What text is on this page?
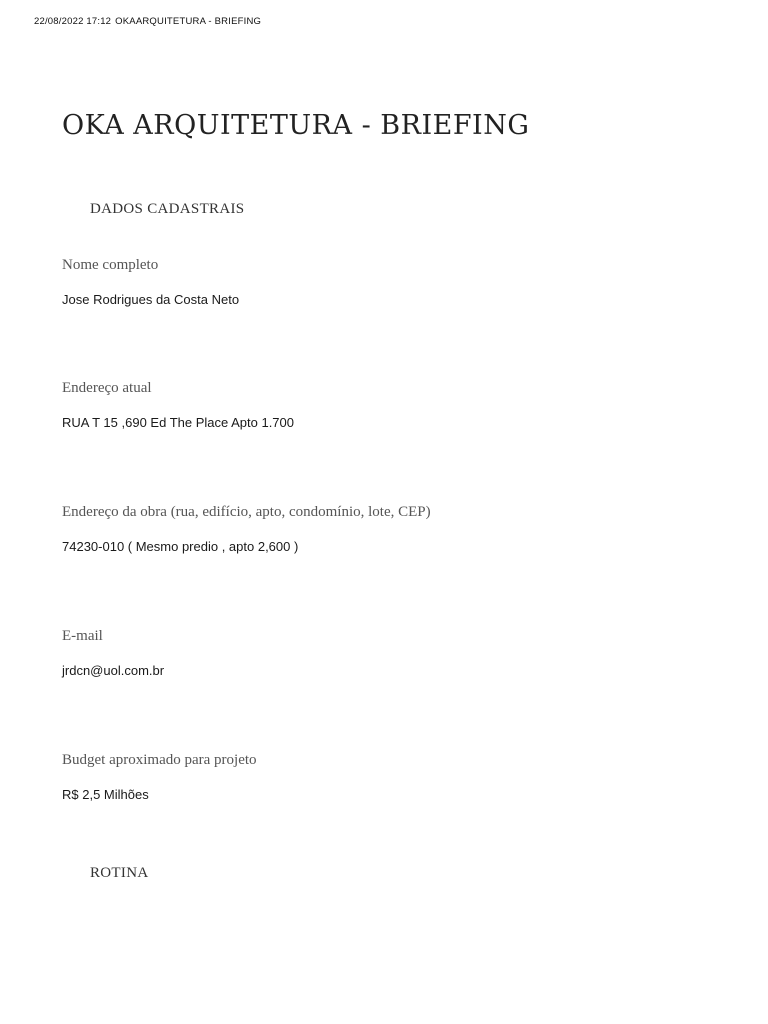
22/08/2022 17:12 OKAARQUITETURA - BRIEFING
OKA ARQUITETURA - BRIEFING
DADOS CADASTRAIS
Nome completo
Jose Rodrigues da Costa Neto
Endereço atual
RUA T 15 ,690 Ed The Place Apto 1.700
Endereço da obra (rua, edifício, apto, condomínio, lote, CEP)
74230-010 ( Mesmo predio , apto 2,600 )
E-mail
jrdcn@uol.com.br
Budget aproximado para projeto
R$ 2,5 Milhões
ROTINA
